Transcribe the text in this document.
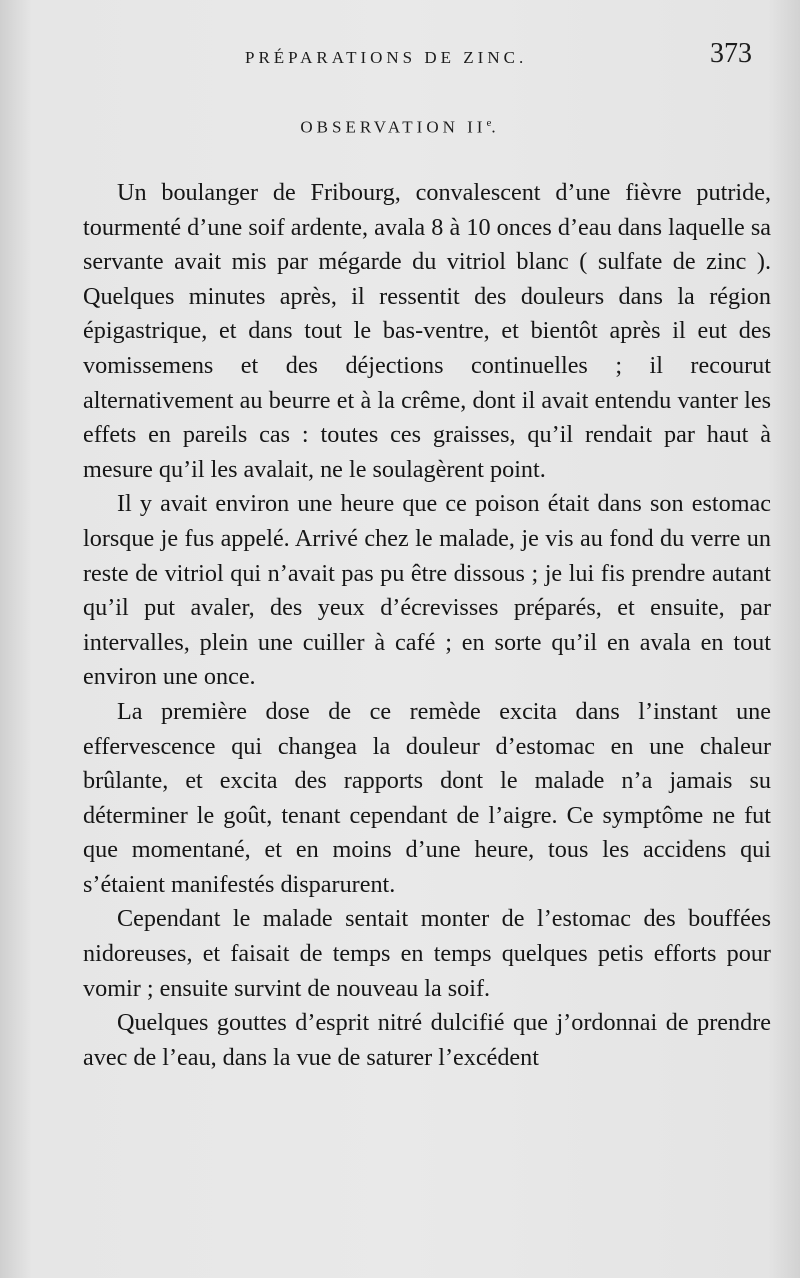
PRÉPARATIONS DE ZINC.	373
OBSERVATION IIe.

Un boulanger de Fribourg, convalescent d’une fièvre putride, tourmenté d’une soif ardente, avala 8 à 10 onces d’eau dans laquelle sa servante avait mis par mégarde du vitriol blanc ( sulfate de zinc ). Quelques minutes après, il ressentit des douleurs dans la région épigastrique, et dans tout le bas-ventre, et bientôt après il eut des vomissemens et des déjections continuelles ; il recourut alternativement au beurre et à la crême, dont il avait entendu vanter les effets en pareils cas : toutes ces graisses, qu’il rendait par haut à mesure qu’il les avalait, ne le soulagèrent point.

Il y avait environ une heure que ce poison était dans son estomac lorsque je fus appelé. Arrivé chez le malade, je vis au fond du verre un reste de vitriol qui n’avait pas pu être dissous ; je lui fis prendre autant qu’il put avaler, des yeux d’écrevisses préparés, et ensuite, par intervalles, plein une cuiller à café ; en sorte qu’il en avala en tout environ une once.

La première dose de ce remède excita dans l’instant une effervescence qui changea la douleur d’estomac en une chaleur brûlante, et excita des rapports dont le malade n’a jamais su déterminer le goût, tenant cependant de l’aigre. Ce symptôme ne fut que momentané, et en moins d’une heure, tous les accidens qui s’étaient manifestés disparurent.

Cependant le malade sentait monter de l’estomac des bouffées nidoreuses, et faisait de temps en temps quelques petis efforts pour vomir ; ensuite survint de nouveau la soif.

Quelques gouttes d’esprit nitré dulcifié que j’ordonnai de prendre avec de l’eau, dans la vue de saturer l’excédent
